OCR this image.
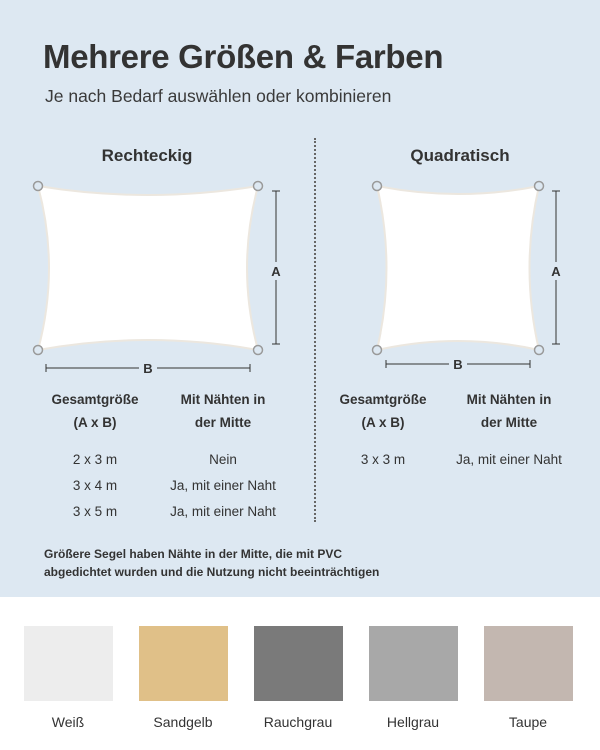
Mehrere Größen & Farben
Je nach Bedarf auswählen oder kombinieren
Rechteckig
A
B
Gesamtgröße
(A x B)
Mit Nähten in
der Mitte
2 x 3 m	Nein
3 x 4 m	Ja, mit einer Naht
3 x 5 m	Ja, mit einer Naht
Quadratisch
A
B
Gesamtgröße
(A x B)
Mit Nähten in
der Mitte
3 x 3 m	Ja, mit einer Naht
Größere Segel haben Nähte in der Mitte, die mit PVC
abgedichtet wurden und die Nutzung nicht beeinträchtigen
Weiß	Sandgelb	Rauchgrau	Hellgrau	Taupe
